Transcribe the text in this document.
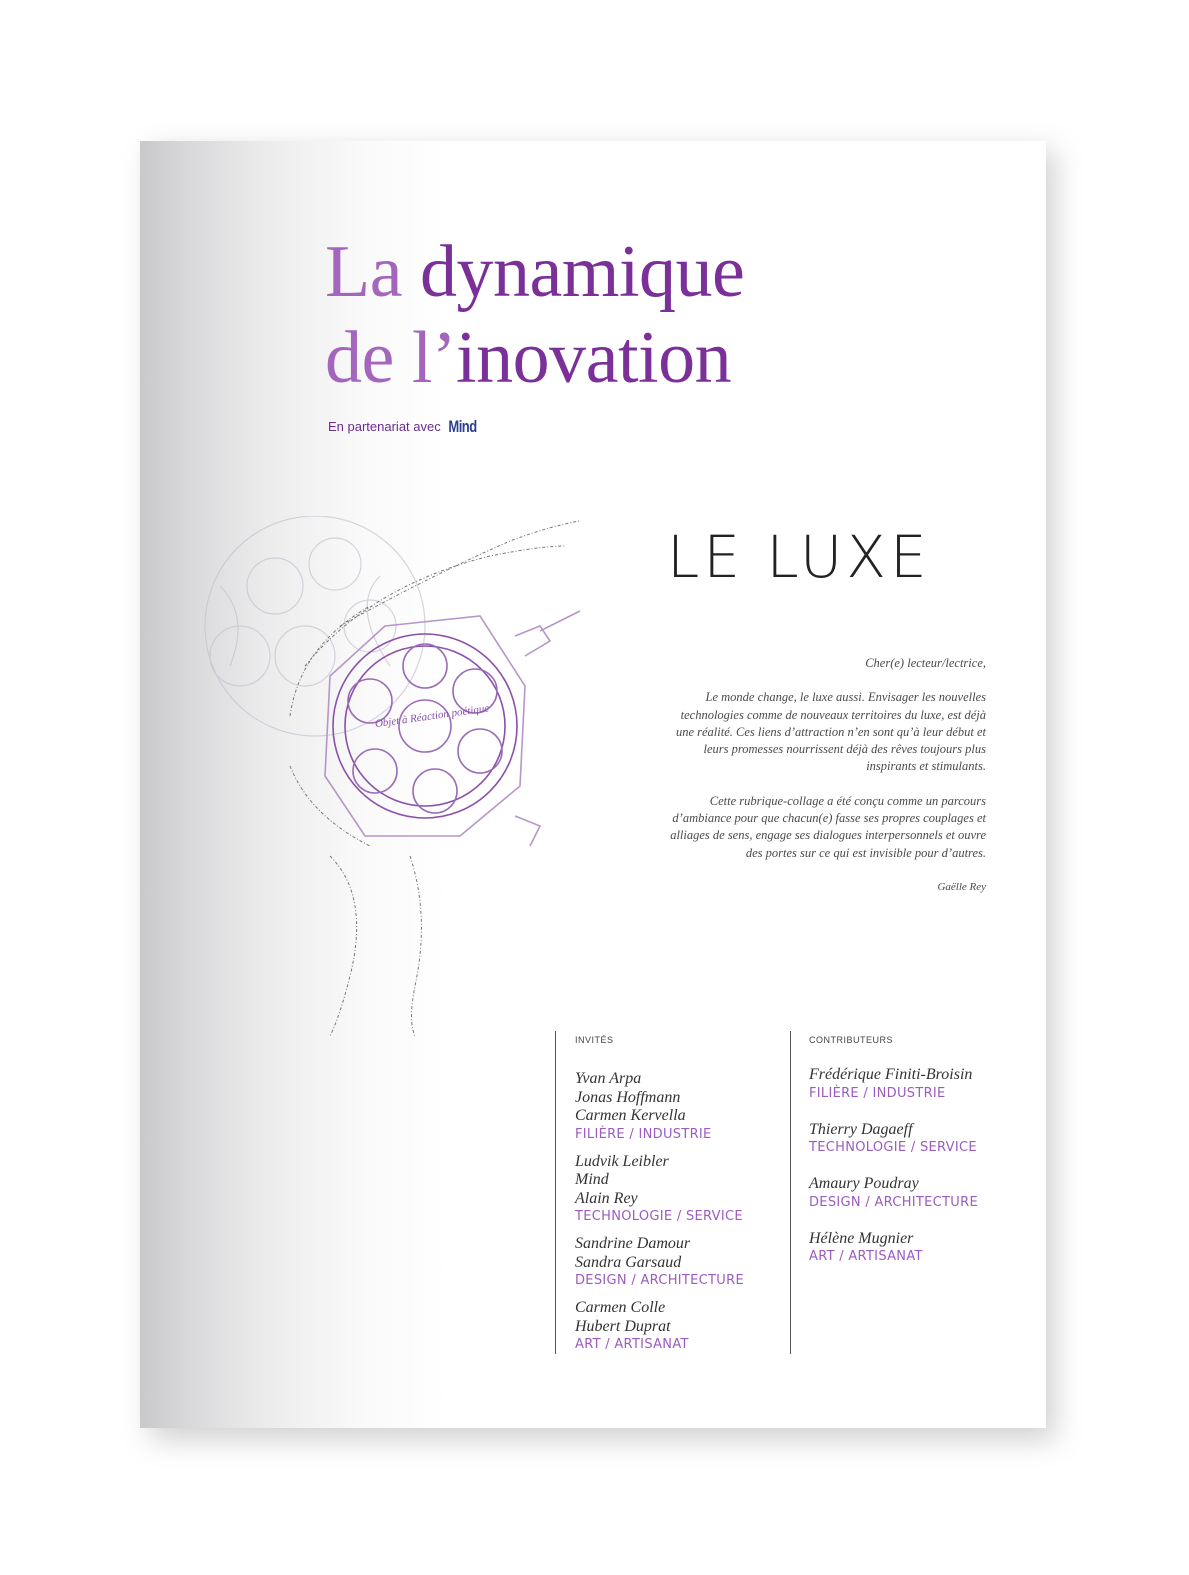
La dynamique
de l’inovation
En partenariat avec Mind
Objet à Réaction poétique
LE LUXE

Cher(e) lecteur/lectrice,

Le monde change, le luxe aussi. Envisager les nouvelles technologies comme de nouveaux territoires du luxe, est déjà une réalité. Ces liens d’attraction n’en sont qu’à leur début et leurs promesses nourrissent déjà des rêves toujours plus inspirants et stimulants.

Cette rubrique-collage a été conçu comme un parcours d’ambiance pour que chacun(e) fasse ses propres couplages et alliages de sens, engage ses dialogues interpersonnels et ouvre des portes sur ce qui est invisible pour d’autres.

Gaëlle Rey

INVITÉS	CONTRIBUTEURS
Yvan Arpa
Jonas Hoffmann
Carmen Kervella
FILIÈRE / INDUSTRIE
Ludvik Leibler
Mind
Alain Rey
TECHNOLOGIE / SERVICE
Sandrine Damour
Sandra Garsaud
DESIGN / ARCHITECTURE
Carmen Colle
Hubert Duprat
ART / ARTISANAT
Frédérique Finiti-Broisin
FILIÈRE / INDUSTRIE
Thierry Dagaeff
TECHNOLOGIE / SERVICE
Amaury Poudray
DESIGN / ARCHITECTURE
Hélène Mugnier
ART / ARTISANAT
